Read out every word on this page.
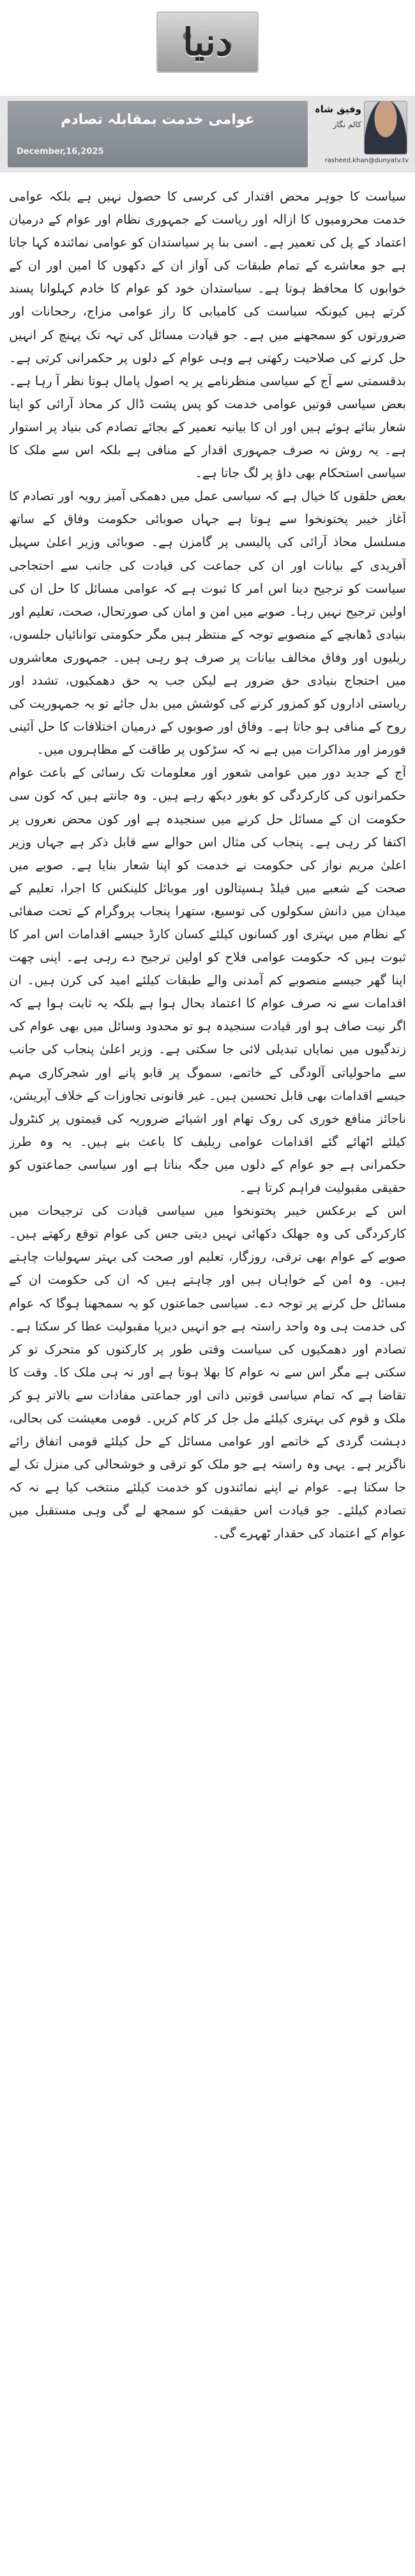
دنیا
عوامی خدمت بمقابلہ تصادم
December,16,2025
وفیق شاہ
کالم نگار
rasheed.khan@dunyatv.tv

سیاست کا جوہر محض اقتدار کی کرسی کا حصول نہیں ہے بلکہ عوامی خدمت محرومیوں کا ازالہ اور ریاست کے جمہوری نظام اور عوام کے درمیان اعتماد کے پل کی تعمیر ہے۔ اسی بنا پر سیاستدان کو عوامی نمائندہ کہا جاتا ہے جو معاشرے کے تمام طبقات کی آواز ان کے دکھوں کا امین اور ان کے خوابوں کا محافظ ہوتا ہے۔ سیاستدان خود کو عوام کا خادم کہلوانا پسند کرتے ہیں کیونکہ سیاست کی کامیابی کا راز عوامی مزاج، رجحانات اور ضرورتوں کو سمجھنے میں ہے۔ جو قیادت مسائل کی تہہ تک پہنچ کر انہیں حل کرنے کی صلاحیت رکھتی ہے وہی عوام کے دلوں پر حکمرانی کرتی ہے۔ بدقسمتی سے آج کے سیاسی منظرنامے پر یہ اصول پامال ہوتا نظر آ رہا ہے۔ بعض سیاسی قوتیں عوامی خدمت کو پس پشت ڈال کر محاذ آرائی کو اپنا شعار بنائے ہوئے ہیں اور ان کا بیانیہ تعمیر کے بجائے تصادم کی بنیاد پر استوار ہے۔ یہ روش نہ صرف جمہوری اقدار کے منافی ہے بلکہ اس سے ملک کا سیاسی استحکام بھی داؤ پر لگ جاتا ہے۔

بعض حلقوں کا خیال ہے کہ سیاسی عمل میں دھمکی آمیز رویہ اور تصادم کا آغاز خیبر پختونخوا سے ہوتا ہے جہاں صوبائی حکومت وفاق کے ساتھ مسلسل محاذ آرائی کی پالیسی پر گامزن ہے۔ صوبائی وزیر اعلیٰ سہیل آفریدی کے بیانات اور ان کی جماعت کی قیادت کی جانب سے احتجاجی سیاست کو ترجیح دینا اس امر کا ثبوت ہے کہ عوامی مسائل کا حل ان کی اولین ترجیح نہیں رہا۔ صوبے میں امن و امان کی صورتحال، صحت، تعلیم اور بنیادی ڈھانچے کے منصوبے توجہ کے منتظر ہیں مگر حکومتی توانائیاں جلسوں، ریلیوں اور وفاق مخالف بیانات پر صرف ہو رہی ہیں۔ جمہوری معاشروں میں احتجاج بنیادی حق ضرور ہے لیکن جب یہ حق دھمکیوں، تشدد اور ریاستی اداروں کو کمزور کرنے کی کوشش میں بدل جائے تو یہ جمہوریت کی روح کے منافی ہو جاتا ہے۔ وفاق اور صوبوں کے درمیان اختلافات کا حل آئینی فورمز اور مذاکرات میں ہے نہ کہ سڑکوں پر طاقت کے مظاہروں میں۔

آج کے جدید دور میں عوامی شعور اور معلومات تک رسائی کے باعث عوام حکمرانوں کی کارکردگی کو بغور دیکھ رہے ہیں۔ وہ جانتے ہیں کہ کون سی حکومت ان کے مسائل حل کرنے میں سنجیدہ ہے اور کون محض نعروں پر اکتفا کر رہی ہے۔ پنجاب کی مثال اس حوالے سے قابل ذکر ہے جہاں وزیر اعلیٰ مریم نواز کی حکومت نے خدمت کو اپنا شعار بنایا ہے۔ صوبے میں صحت کے شعبے میں فیلڈ ہسپتالوں اور موبائل کلینکس کا اجرا، تعلیم کے میدان میں دانش سکولوں کی توسیع، ستھرا پنجاب پروگرام کے تحت صفائی کے نظام میں بہتری اور کسانوں کیلئے کسان کارڈ جیسے اقدامات اس امر کا ثبوت ہیں کہ حکومت عوامی فلاح کو اولین ترجیح دے رہی ہے۔ اپنی چھت اپنا گھر جیسے منصوبے کم آمدنی والے طبقات کیلئے امید کی کرن ہیں۔ ان اقدامات سے نہ صرف عوام کا اعتماد بحال ہوا ہے بلکہ یہ ثابت ہوا ہے کہ اگر نیت صاف ہو اور قیادت سنجیدہ ہو تو محدود وسائل میں بھی عوام کی زندگیوں میں نمایاں تبدیلی لائی جا سکتی ہے۔ وزیر اعلیٰ پنجاب کی جانب سے ماحولیاتی آلودگی کے خاتمے، سموگ پر قابو پانے اور شجرکاری مہم جیسے اقدامات بھی قابل تحسین ہیں۔ غیر قانونی تجاوزات کے خلاف آپریشن، ناجائز منافع خوری کی روک تھام اور اشیائے ضروریہ کی قیمتوں پر کنٹرول کیلئے اٹھائے گئے اقدامات عوامی ریلیف کا باعث بنے ہیں۔ یہ وہ طرز حکمرانی ہے جو عوام کے دلوں میں جگہ بناتا ہے اور سیاسی جماعتوں کو حقیقی مقبولیت فراہم کرتا ہے۔

اس کے برعکس خیبر پختونخوا میں سیاسی قیادت کی ترجیحات میں کارکردگی کی وہ جھلک دکھائی نہیں دیتی جس کی عوام توقع رکھتے ہیں۔ صوبے کے عوام بھی ترقی، روزگار، تعلیم اور صحت کی بہتر سہولیات چاہتے ہیں۔ وہ امن کے خواہاں ہیں اور چاہتے ہیں کہ ان کی حکومت ان کے مسائل حل کرنے پر توجہ دے۔ سیاسی جماعتوں کو یہ سمجھنا ہوگا کہ عوام کی خدمت ہی وہ واحد راستہ ہے جو انہیں دیرپا مقبولیت عطا کر سکتا ہے۔ تصادم اور دھمکیوں کی سیاست وقتی طور پر کارکنوں کو متحرک تو کر سکتی ہے مگر اس سے نہ عوام کا بھلا ہوتا ہے اور نہ ہی ملک کا۔ وقت کا تقاضا ہے کہ تمام سیاسی قوتیں ذاتی اور جماعتی مفادات سے بالاتر ہو کر ملک و قوم کی بہتری کیلئے مل جل کر کام کریں۔ قومی معیشت کی بحالی، دہشت گردی کے خاتمے اور عوامی مسائل کے حل کیلئے قومی اتفاق رائے ناگزیر ہے۔ یہی وہ راستہ ہے جو ملک کو ترقی و خوشحالی کی منزل تک لے جا سکتا ہے۔ عوام نے اپنے نمائندوں کو خدمت کیلئے منتخب کیا ہے نہ کہ تصادم کیلئے۔ جو قیادت اس حقیقت کو سمجھ لے گی وہی مستقبل میں عوام کے اعتماد کی حقدار ٹھہرے گی۔
